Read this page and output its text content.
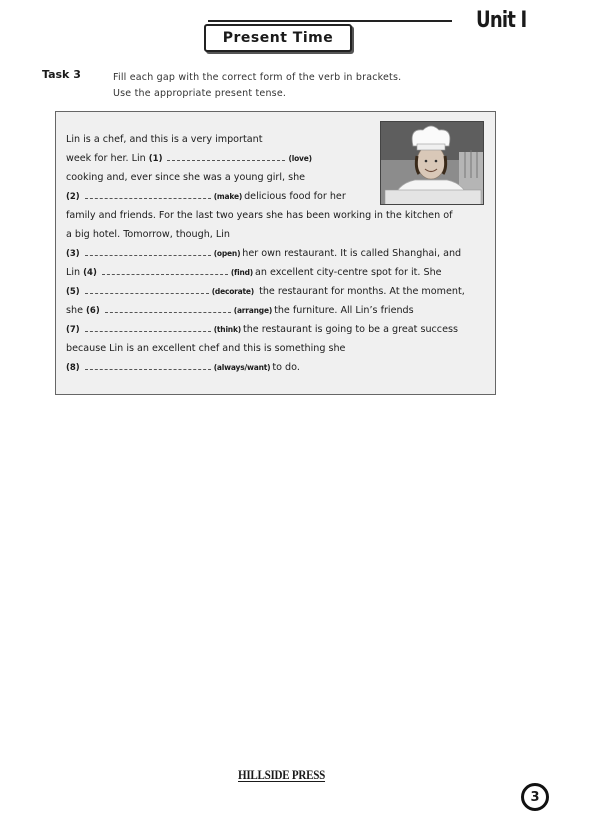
Present Time
Unit I
Task 3	Fill each gap with the correct form of the verb in brackets.
Use the appropriate present tense.
Lin is a chef, and this is a very important
week for her. Lin (1)	(love)
cooking and, ever since she was a young girl, she
(2)	(make) delicious food for her
family and friends. For the last two years she has been working in the kitchen of
a big hotel. Tomorrow, though, Lin
(3)	(open) her own restaurant. It is called Shanghai, and
Lin (4)	(find) an excellent city-centre spot for it. She
(5)	(decorate) the restaurant for months. At the moment,
she (6)	(arrange) the furniture. All Lin’s friends
(7)	(think) the restaurant is going to be a great success
because Lin is an excellent chef and this is something she
(8)	(always/want) to do.
HILLSIDE PRESS
3
